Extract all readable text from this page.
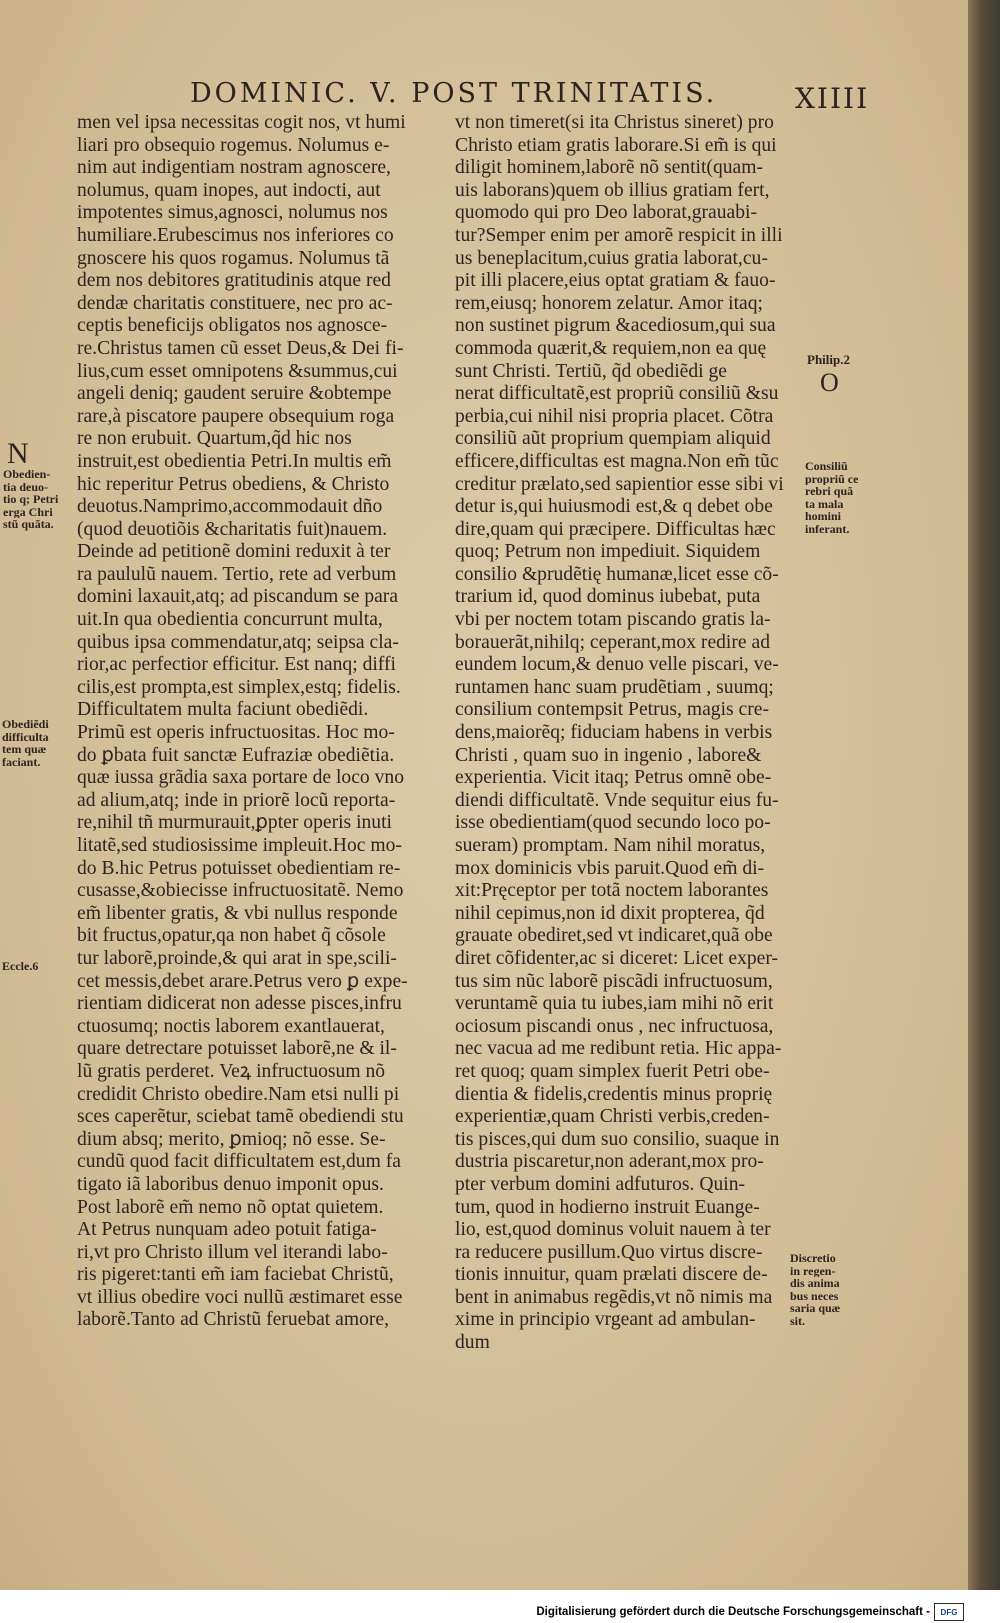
DOMINIC. V. POST TRINITATIS.	XIIII
N
O
men vel ipsa necessitas cogit nos, vt humi
liari pro obsequio rogemus. Nolumus e-
nim aut indigentiam nostram agnoscere,
nolumus, quam inopes, aut indocti, aut
impotentes simus,agnosci, nolumus nos
humiliare.Erubescimus nos inferiores co
gnoscere his quos rogamus. Nolumus tã
dem nos debitores gratitudinis atque red
dendæ charitatis constituere, nec pro ac-
ceptis beneficijs obligatos nos agnosce-
re.Christus tamen cũ esset Deus,& Dei fi-
lius,cum esset omnipotens &summus,cui
angeli deniq; gaudent seruire &obtempe
rare,à piscatore paupere obsequium roga
re non erubuit. Quartum,q̃d hic nos
instruit,est obedientia Petri.In multis em̃
hic reperitur Petrus obediens, & Christo
deuotus.Namprimo,accommodauit dño
(quod deuotiõis &charitatis fuit)nauem.
Deinde ad petitionẽ domini reduxit à ter
ra paululũ nauem. Tertio, rete ad verbum
domini laxauit,atq; ad piscandum se para
uit.In qua obedientia concurrunt multa,
quibus ipsa commendatur,atq; seipsa cla-
rior,ac perfectior efficitur. Est nanq; diffi
cilis,est prompta,est simplex,estq; fidelis.
Difficultatem multa faciunt obediẽdi.
Primũ est operis infructuositas. Hoc mo-
do ꝑbata fuit sanctæ Eufraziæ obediẽtia.
quæ iussa grãdia saxa portare de loco vno
ad alium,atq; inde in priorẽ locũ reporta-
re,nihil tñ murmurauit,ꝑpter operis inuti
litatẽ,sed studiosissime impleuit.Hoc mo-
do B.hic Petrus potuisset obedientiam re-
cusasse,&obiecisse infructuositatẽ. Nemo
em̃ libenter gratis, & vbi nullus responde
bit fructus,opatur,qa non habet q̃ cõsole
tur laborẽ,proinde,& qui arat in spe,scili-
cet messis,debet arare.Petrus vero ꝑ expe-
rientiam didicerat non adesse pisces,infru
ctuosumq; noctis laborem exantlauerat,
quare detrectare potuisset laborẽ,ne & il-
lũ gratis perderet. Veꝝ infructuosum nõ
credidit Christo obedire.Nam etsi nulli pi
sces caperẽtur, sciebat tamẽ obediendi stu
dium absq; merito, ꝑmioq; nõ esse. Se-
cundũ quod facit difficultatem est,dum fa
tigato iã laboribus denuo imponit opus.
Post laborẽ em̃ nemo nõ optat quietem.
At Petrus nunquam adeo potuit fatiga-
ri,vt pro Christo illum vel iterandi labo-
ris pigeret:tanti em̃ iam faciebat Christũ,
vt illius obedire voci nullũ æstimaret esse
laborẽ.Tanto ad Christũ feruebat amore,
vt non timeret(si ita Christus sineret) pro
Christo etiam gratis laborare.Si em̃ is qui
diligit hominem,laborẽ nõ sentit(quam-
uis laborans)quem ob illius gratiam fert,
quomodo qui pro Deo laborat,grauabi-
tur?Semper enim per amorẽ respicit in illi
us beneplacitum,cuius gratia laborat,cu-
pit illi placere,eius optat gratiam & fauo-
rem,eiusq; honorem zelatur. Amor itaq;
non sustinet pigrum &acediosum,qui sua
commoda quærit,& requiem,non ea quę
sunt Christi. Tertiũ, q̃d obediẽdi ge
nerat difficultatẽ,est propriũ consiliũ &su
perbia,cui nihil nisi propria placet. Cõtra
consiliũ aũt proprium quempiam aliquid
efficere,difficultas est magna.Non em̃ tũc
creditur prælato,sed sapientior esse sibi vi
detur is,qui huiusmodi est,& q debet obe
dire,quam qui præcipere. Difficultas hæc
quoq; Petrum non impediuit. Siquidem
consilio &prudẽtię humanæ,licet esse cõ-
trarium id, quod dominus iubebat, puta
vbi per noctem totam piscando gratis la-
borauerãt,nihilq; ceperant,mox redire ad
eundem locum,& denuo velle piscari, ve-
runtamen hanc suam prudẽtiam , suumq;
consilium contempsit Petrus, magis cre-
dens,maiorẽq; fiduciam habens in verbis
Christi , quam suo in ingenio , labore&
experientia. Vicit itaq; Petrus omnẽ obe-
diendi difficultatẽ. Vnde sequitur eius fu-
isse obedientiam(quod secundo loco po-
sueram) promptam. Nam nihil moratus,
mox dominicis vbis paruit.Quod em̃ di-
xit:Pręceptor per totã noctem laborantes
nihil cepimus,non id dixit propterea, q̃d
grauate obediret,sed vt indicaret,quã obe
diret cõfidenter,ac si diceret: Licet exper-
tus sim nũc laborẽ piscãdi infructuosum,
veruntamẽ quia tu iubes,iam mihi nõ erit
ociosum piscandi onus , nec infructuosa,
nec vacua ad me redibunt retia. Hic appa-
ret quoq; quam simplex fuerit Petri obe-
dientia & fidelis,credentis minus proprię
experientiæ,quam Christi verbis,creden-
tis pisces,qui dum suo consilio, suaque in
dustria piscaretur,non aderant,mox pro-
pter verbum domini adfuturos. Quin-
tum, quod in hodierno instruit Euange-
lio, est,quod dominus voluit nauem à ter
ra reducere pusillum.Quo virtus discre-
tionis innuitur, quam prælati discere de-
bent in animabus regẽdis,vt nõ nimis ma
xime in principio vrgeant ad ambulan-
dum
Obedien-
tia deuo-
tio q; Petri
erga Chri
stũ quãta.
Obediẽdi
difficulta
tem quæ
faciant.
Eccle.6
Philip.2
Consiliũ
propriũ ce
rebri quã
ta mala
homini
inferant.
Discretio
in regen-
dis anima
bus neces
saria quæ
sit.
Digitalisierung gefördert durch die Deutsche Forschungsgemeinschaft -	DFG
